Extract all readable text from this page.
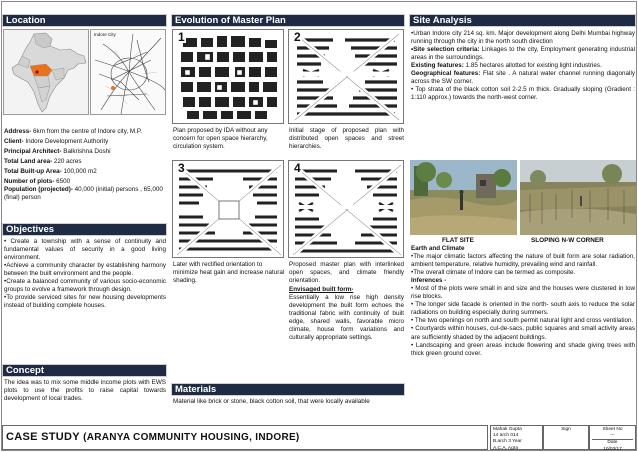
Location
Indore City

Address- 6km from the centre of Indore city, M.P.

Client- Indore Development Authority

Principal Architect- Balkrishna Doshi

Total Land area- 220 acres

Total Built-up Area- 100,000 m2

Number of plots- 6500

Population (projected)- 40,000 (initial) persons , 65,000 (final) person

Objectives

• Create a township with a sense of continuity and fundamental values of security in a good living environment.

•Achieve a community character by establishing harmony between the built environment and the people.

•Create a balanced community of various socio-economic groups to evolve a framework through design.

•To provide serviced sites for new housing developments instead of building complete houses.

Concept
The idea was to mix some middle income plots with EWS plots to use the profits to raise capital towards development of local trades.
Evolution of Master Plan
1	2
Plan proposed by IDA without any concern for open space hierarchy, circulation system.
Initial stage of proposed plan with distributed open spaces and street hierarchies.
3	4
Later with rectified orientation to minimize heat gain and increase natural shading.
Proposed master plan with interlinked open spaces, and climate friendly orientation.

Envisaged built form-

Essentially a low rise high density development the built form echoes the traditional fabric with continuity of built edge, shared walls, favorable micro climate, house form variations and culturally appropriate settings.

Materials
Material like brick or stone, black cotton soil, that were locally available
Site Analysis

•Urban Indore city 214 sq. km. Major development along Delhi Mumbai highway running through the city in the north south direction

•Site selection criteria: Linkages to the city, Employment generating industrial areas in the surroundings.

Existing features: 1.85 hectares allotted for existing light industries.

Geographical features: Flat site . A natural water channel running diagonally across the SW corner.

• Top strata of the black cotton soil 2-2.5 m thick. Gradually sloping (Gradient : 1:110 approx.) towards the north-west corner.

FLAT SITE	SLOPING N-W CORNER

Earth and Climate

•The major climatic factors affecting the nature of built form are solar radiation, ambient temperature, relative humidity, prevailing wind and rainfall.

•The overall climate of Indore can be termed as composite.

Inferences -

• Most of the plots were small in and size and the houses were clustered in low rise blocks.

• The longer side facade is oriented in the north- south axis to reduce the solar radiations on building especially during summers.

• The two openings on north and south permit natural light and cross ventilation.

• Courtyards within houses, cul-de-sacs, public squares and small activity areas are sufficiently shaded by the adjacent buildings.

• Landscaping and green areas include flowering and shade giving trees with thick green ground cover.

CASE STUDY (ARANYA COMMUNITY HOUSING, INDORE)
Mahak Gupta
14 arch 014
B.arch 3 Year
A.C.A, Agra
Sign	Sheet No
---
Date
10/03/17
